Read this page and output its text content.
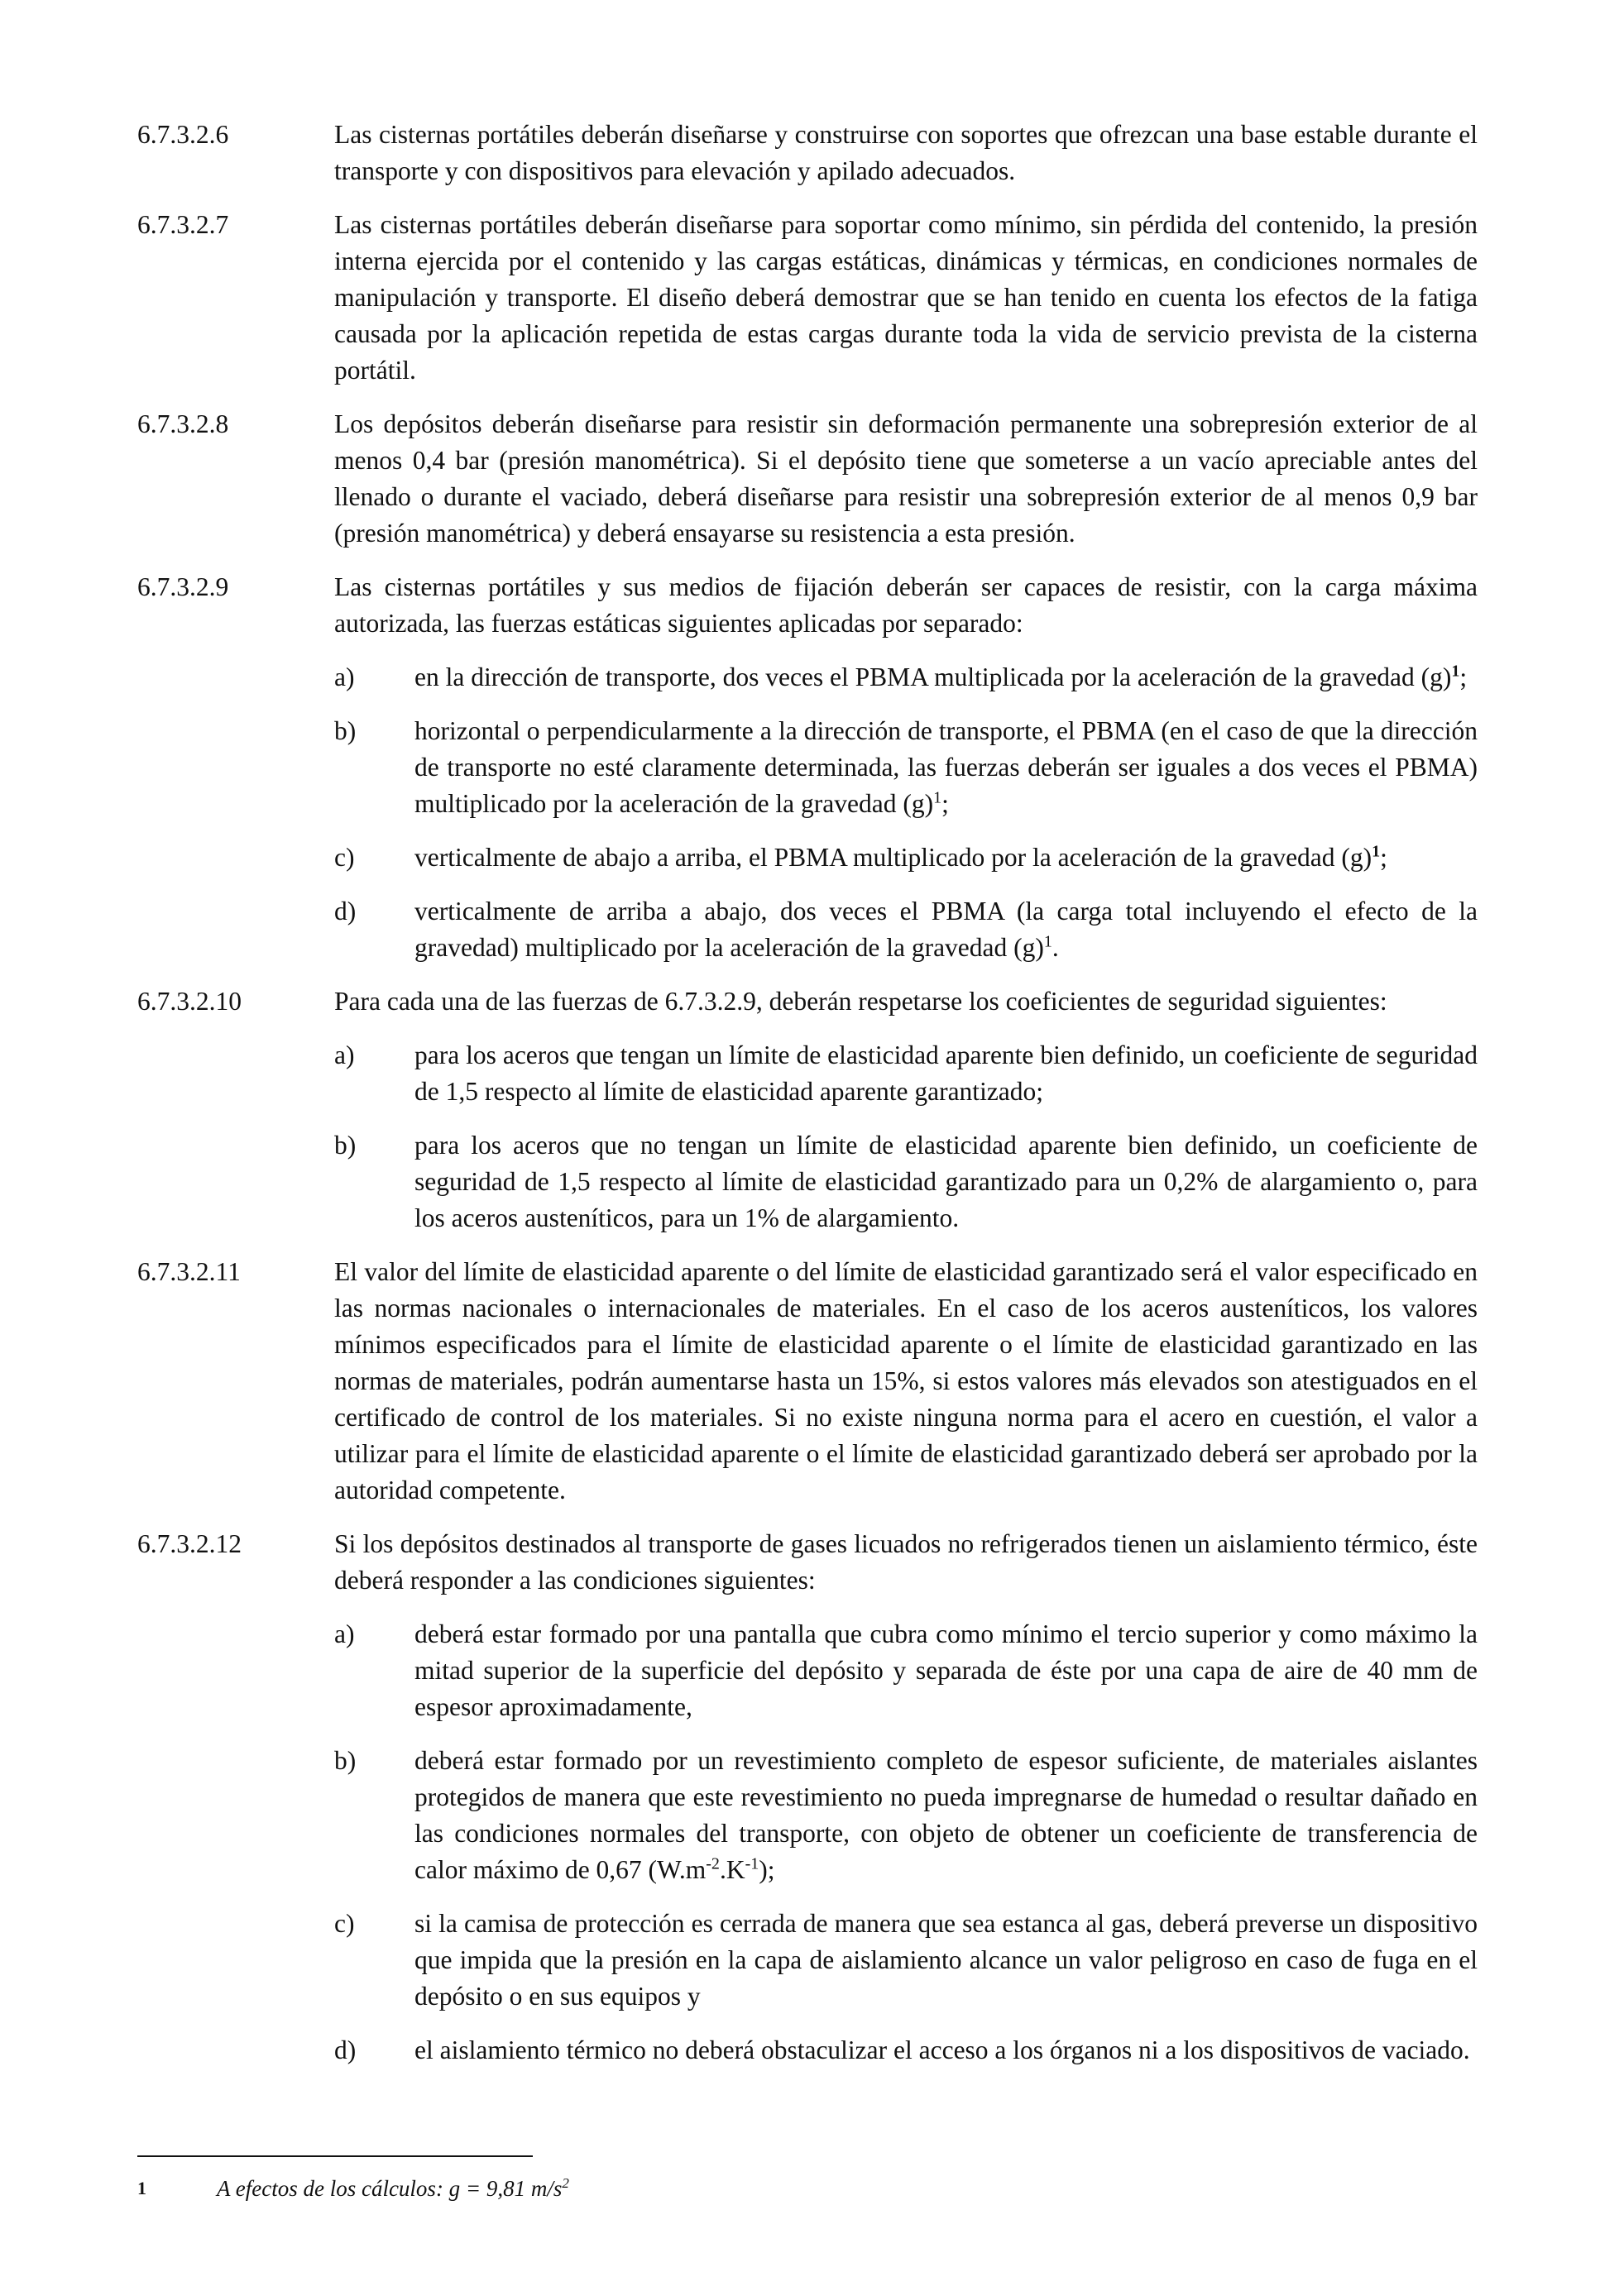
6.7.3.2.6	Las cisternas portátiles deberán diseñarse y construirse con soportes que ofrezcan una base estable durante el transporte y con dispositivos para elevación y apilado adecuados.
6.7.3.2.7	Las cisternas portátiles deberán diseñarse para soportar como mínimo, sin pérdida del contenido, la presión interna ejercida por el contenido y las cargas estáticas, dinámicas y térmicas, en condiciones normales de manipulación y transporte. El diseño deberá demostrar que se han tenido en cuenta los efectos de la fatiga causada por la aplicación repetida de estas cargas durante toda la vida de servicio prevista de la cisterna portátil.
6.7.3.2.8	Los depósitos deberán diseñarse para resistir sin deformación permanente una sobrepresión exterior de al menos 0,4 bar (presión manométrica). Si el depósito tiene que someterse a un vacío apreciable antes del llenado o durante el vaciado, deberá diseñarse para resistir una sobrepresión exterior de al menos 0,9 bar (presión manométrica) y deberá ensayarse su resistencia a esta presión.
6.7.3.2.9	Las cisternas portátiles y sus medios de fijación deberán ser capaces de resistir, con la carga máxima autorizada, las fuerzas estáticas siguientes aplicadas por separado:
a)	en la dirección de transporte, dos veces el PBMA multiplicada por la aceleración de la gravedad $(g)^1$;
b)	horizontal o perpendicularmente a la dirección de transporte, el PBMA (en el caso de que la dirección de transporte no esté claramente determinada, las fuerzas deberán ser iguales a dos veces el PBMA) multiplicado por la aceleración de la gravedad $(g)^1$;
c)	verticalmente de abajo a arriba, el PBMA multiplicado por la aceleración de la gravedad $(g)^1$;
d)	verticalmente de arriba a abajo, dos veces el PBMA (la carga total incluyendo el efecto de la gravedad) multiplicado por la aceleración de la gravedad $(g)^1$.
6.7.3.2.10	Para cada una de las fuerzas de 6.7.3.2.9, deberán respetarse los coeficientes de seguridad siguientes:
a)	para los aceros que tengan un límite de elasticidad aparente bien definido, un coeficiente de seguridad de 1,5 respecto al límite de elasticidad aparente garantizado;
b)	para los aceros que no tengan un límite de elasticidad aparente bien definido, un coeficiente de seguridad de 1,5 respecto al límite de elasticidad garantizado para un 0,2% de alargamiento o, para los aceros austeníticos, para un 1% de alargamiento.
6.7.3.2.11	El valor del límite de elasticidad aparente o del límite de elasticidad garantizado será el valor especificado en las normas nacionales o internacionales de materiales. En el caso de los aceros austeníticos, los valores mínimos especificados para el límite de elasticidad aparente o el límite de elasticidad garantizado en las normas de materiales, podrán aumentarse hasta un 15%, si estos valores más elevados son atestiguados en el certificado de control de los materiales. Si no existe ninguna norma para el acero en cuestión, el valor a utilizar para el límite de elasticidad aparente o el límite de elasticidad garantizado deberá ser aprobado por la autoridad competente.
6.7.3.2.12	Si los depósitos destinados al transporte de gases licuados no refrigerados tienen un aislamiento térmico, éste deberá responder a las condiciones siguientes:
a)	deberá estar formado por una pantalla que cubra como mínimo el tercio superior y como máximo la mitad superior de la superficie del depósito y separada de éste por una capa de aire de 40 mm de espesor aproximadamente,
b)	deberá estar formado por un revestimiento completo de espesor suficiente, de materiales aislantes protegidos de manera que este revestimiento no pueda impregnarse de humedad o resultar dañado en las condiciones normales del transporte, con objeto de obtener un coeficiente de transferencia de calor máximo de 0,67 $(W.m^{-2}.K^{-1})$;
c)	si la camisa de protección es cerrada de manera que sea estanca al gas, deberá preverse un dispositivo que impida que la presión en la capa de aislamiento alcance un valor peligroso en caso de fuga en el depósito o en sus equipos y
d)	el aislamiento térmico no deberá obstaculizar el acceso a los órganos ni a los dispositivos de vaciado.
1	A efectos de los cálculos: g = 9,81 $m/s^2$
